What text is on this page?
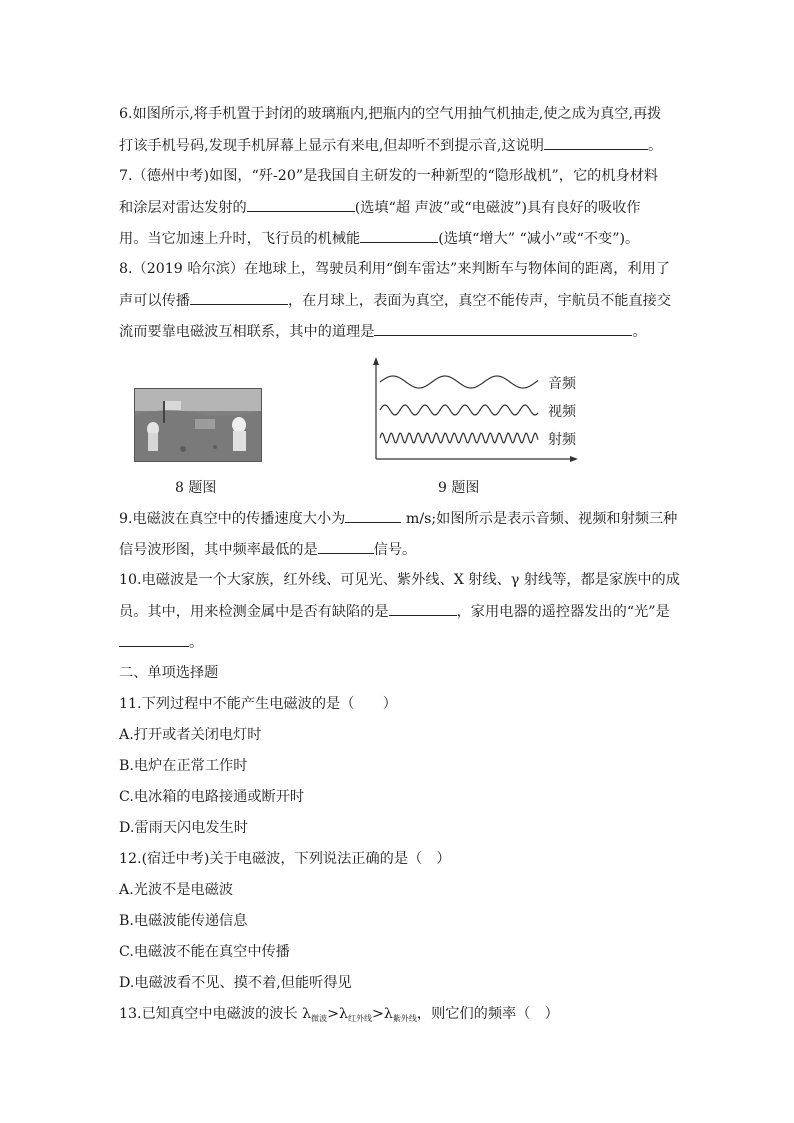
6.如图所示,将手机置于封闭的玻璃瓶内,把瓶内的空气用抽气机抽走,使之成为真空,再拨
打该手机号码,发现手机屏幕上显示有来电,但却听不到提示音,这说明	。
7.（德州中考)如图，“歼-20”是我国自主研发的一种新型的“隐形战机”，它的机身材料
和涂层对雷达发射的	(选填“超 声波”或“电磁波”)具有良好的吸收作
用。当它加速上升时，飞行员的机械能	(选填“增大” “减小”或“不变”)。
8.（2019 哈尔滨）在地球上，驾驶员利用“倒车雷达”来判断车与物体间的距离，利用了
声可以传播	，在月球上，表面为真空，真空不能传声，宇航员不能直接交
流而要靠电磁波互相联系，其中的道理是	。
音频
视频
射频
8 题图	9 题图
9.电磁波在真空中的传播速度大小为	m/s;如图所示是表示音频、视频和射频三种
信号波形图，其中频率最低的是	信号。
10.电磁波是一个大家族，红外线、可见光、紫外线、X 射线、γ 射线等，都是家族中的成
员。其中，用来检测金属中是否有缺陷的是	，家用电器的遥控器发出的“光”是
。
二、单项选择题
11.下列过程中不能产生电磁波的是（　　）
A.打开或者关闭电灯时
B.电炉在正常工作时
C.电冰箱的电路接通或断开时
D.雷雨天闪电发生时
12.(宿迁中考)关于电磁波，下列说法正确的是（　）
A.光波不是电磁波
B.电磁波能传递信息
C.电磁波不能在真空中传播
D.电磁波看不见、摸不着,但能听得见
13.已知真空中电磁波的波长 $\lambda_{微波}>\lambda_{红外线}>\lambda_{紫外线}$，则它们的频率（　）
